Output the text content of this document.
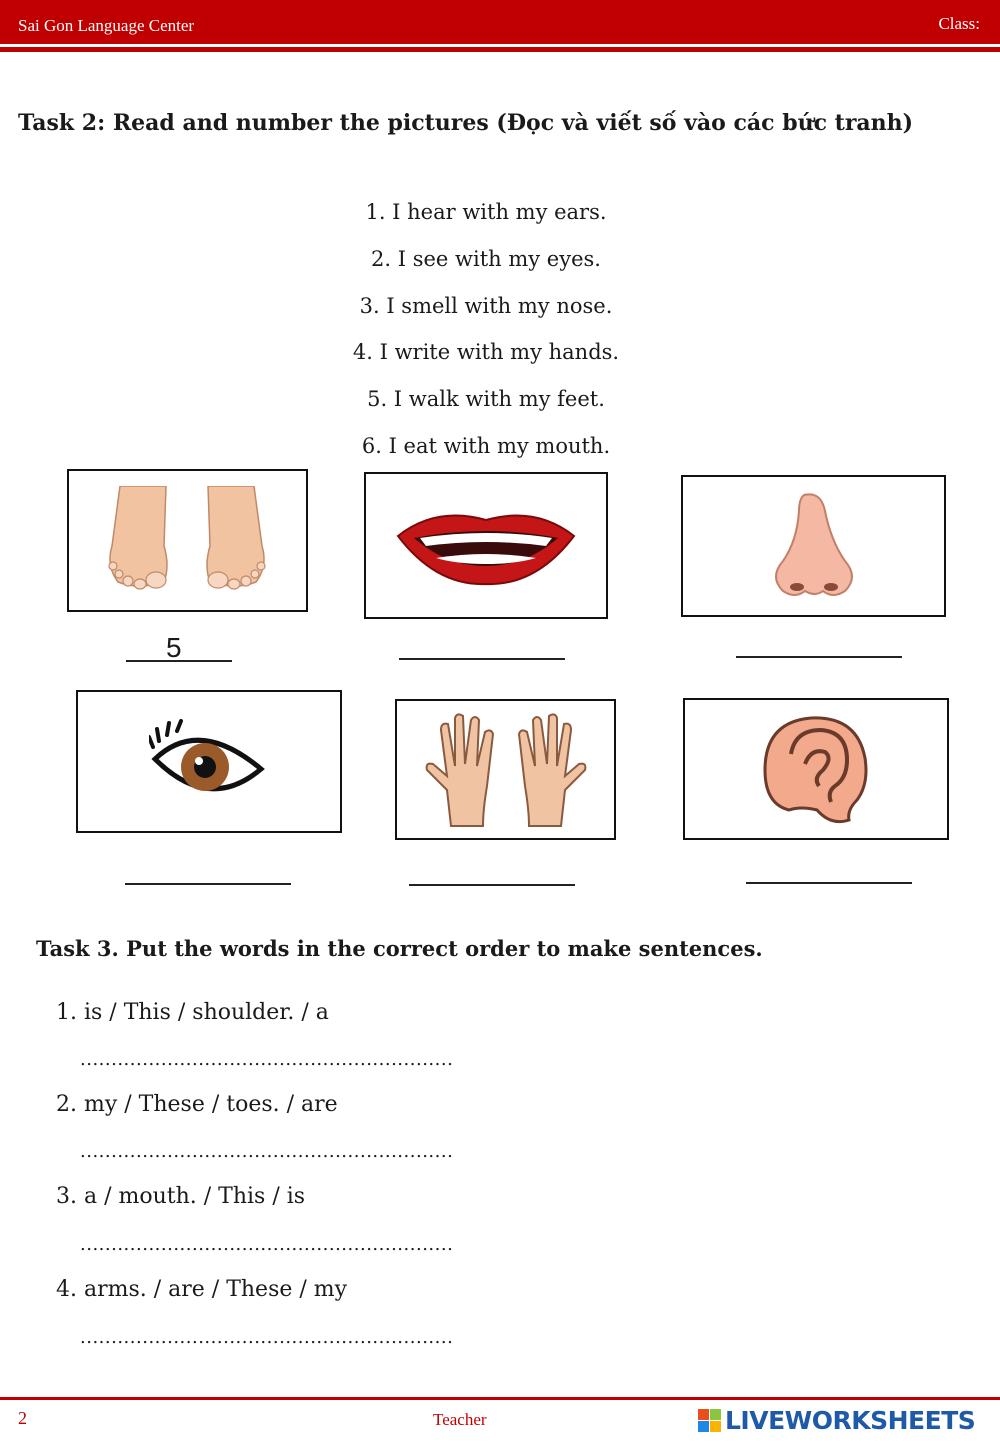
Sai Gon Language Center	Class:
Task 2: Read and number the pictures (Đọc và viết số vào các bức tranh)
1. I hear with my ears.
2. I see with my eyes.
3. I smell with my nose.
4. I write with my hands.
5. I walk with my feet.
6. I eat with my mouth.
5
Task 3. Put the words in the correct order to make sentences.
1. is / This / shoulder. / a
............................................................
2. my / These / toes. / are
............................................................
3. a / mouth. / This / is
............................................................
4. arms. / are / These / my
............................................................
2	Teacher	LIVEWORKSHEETS
